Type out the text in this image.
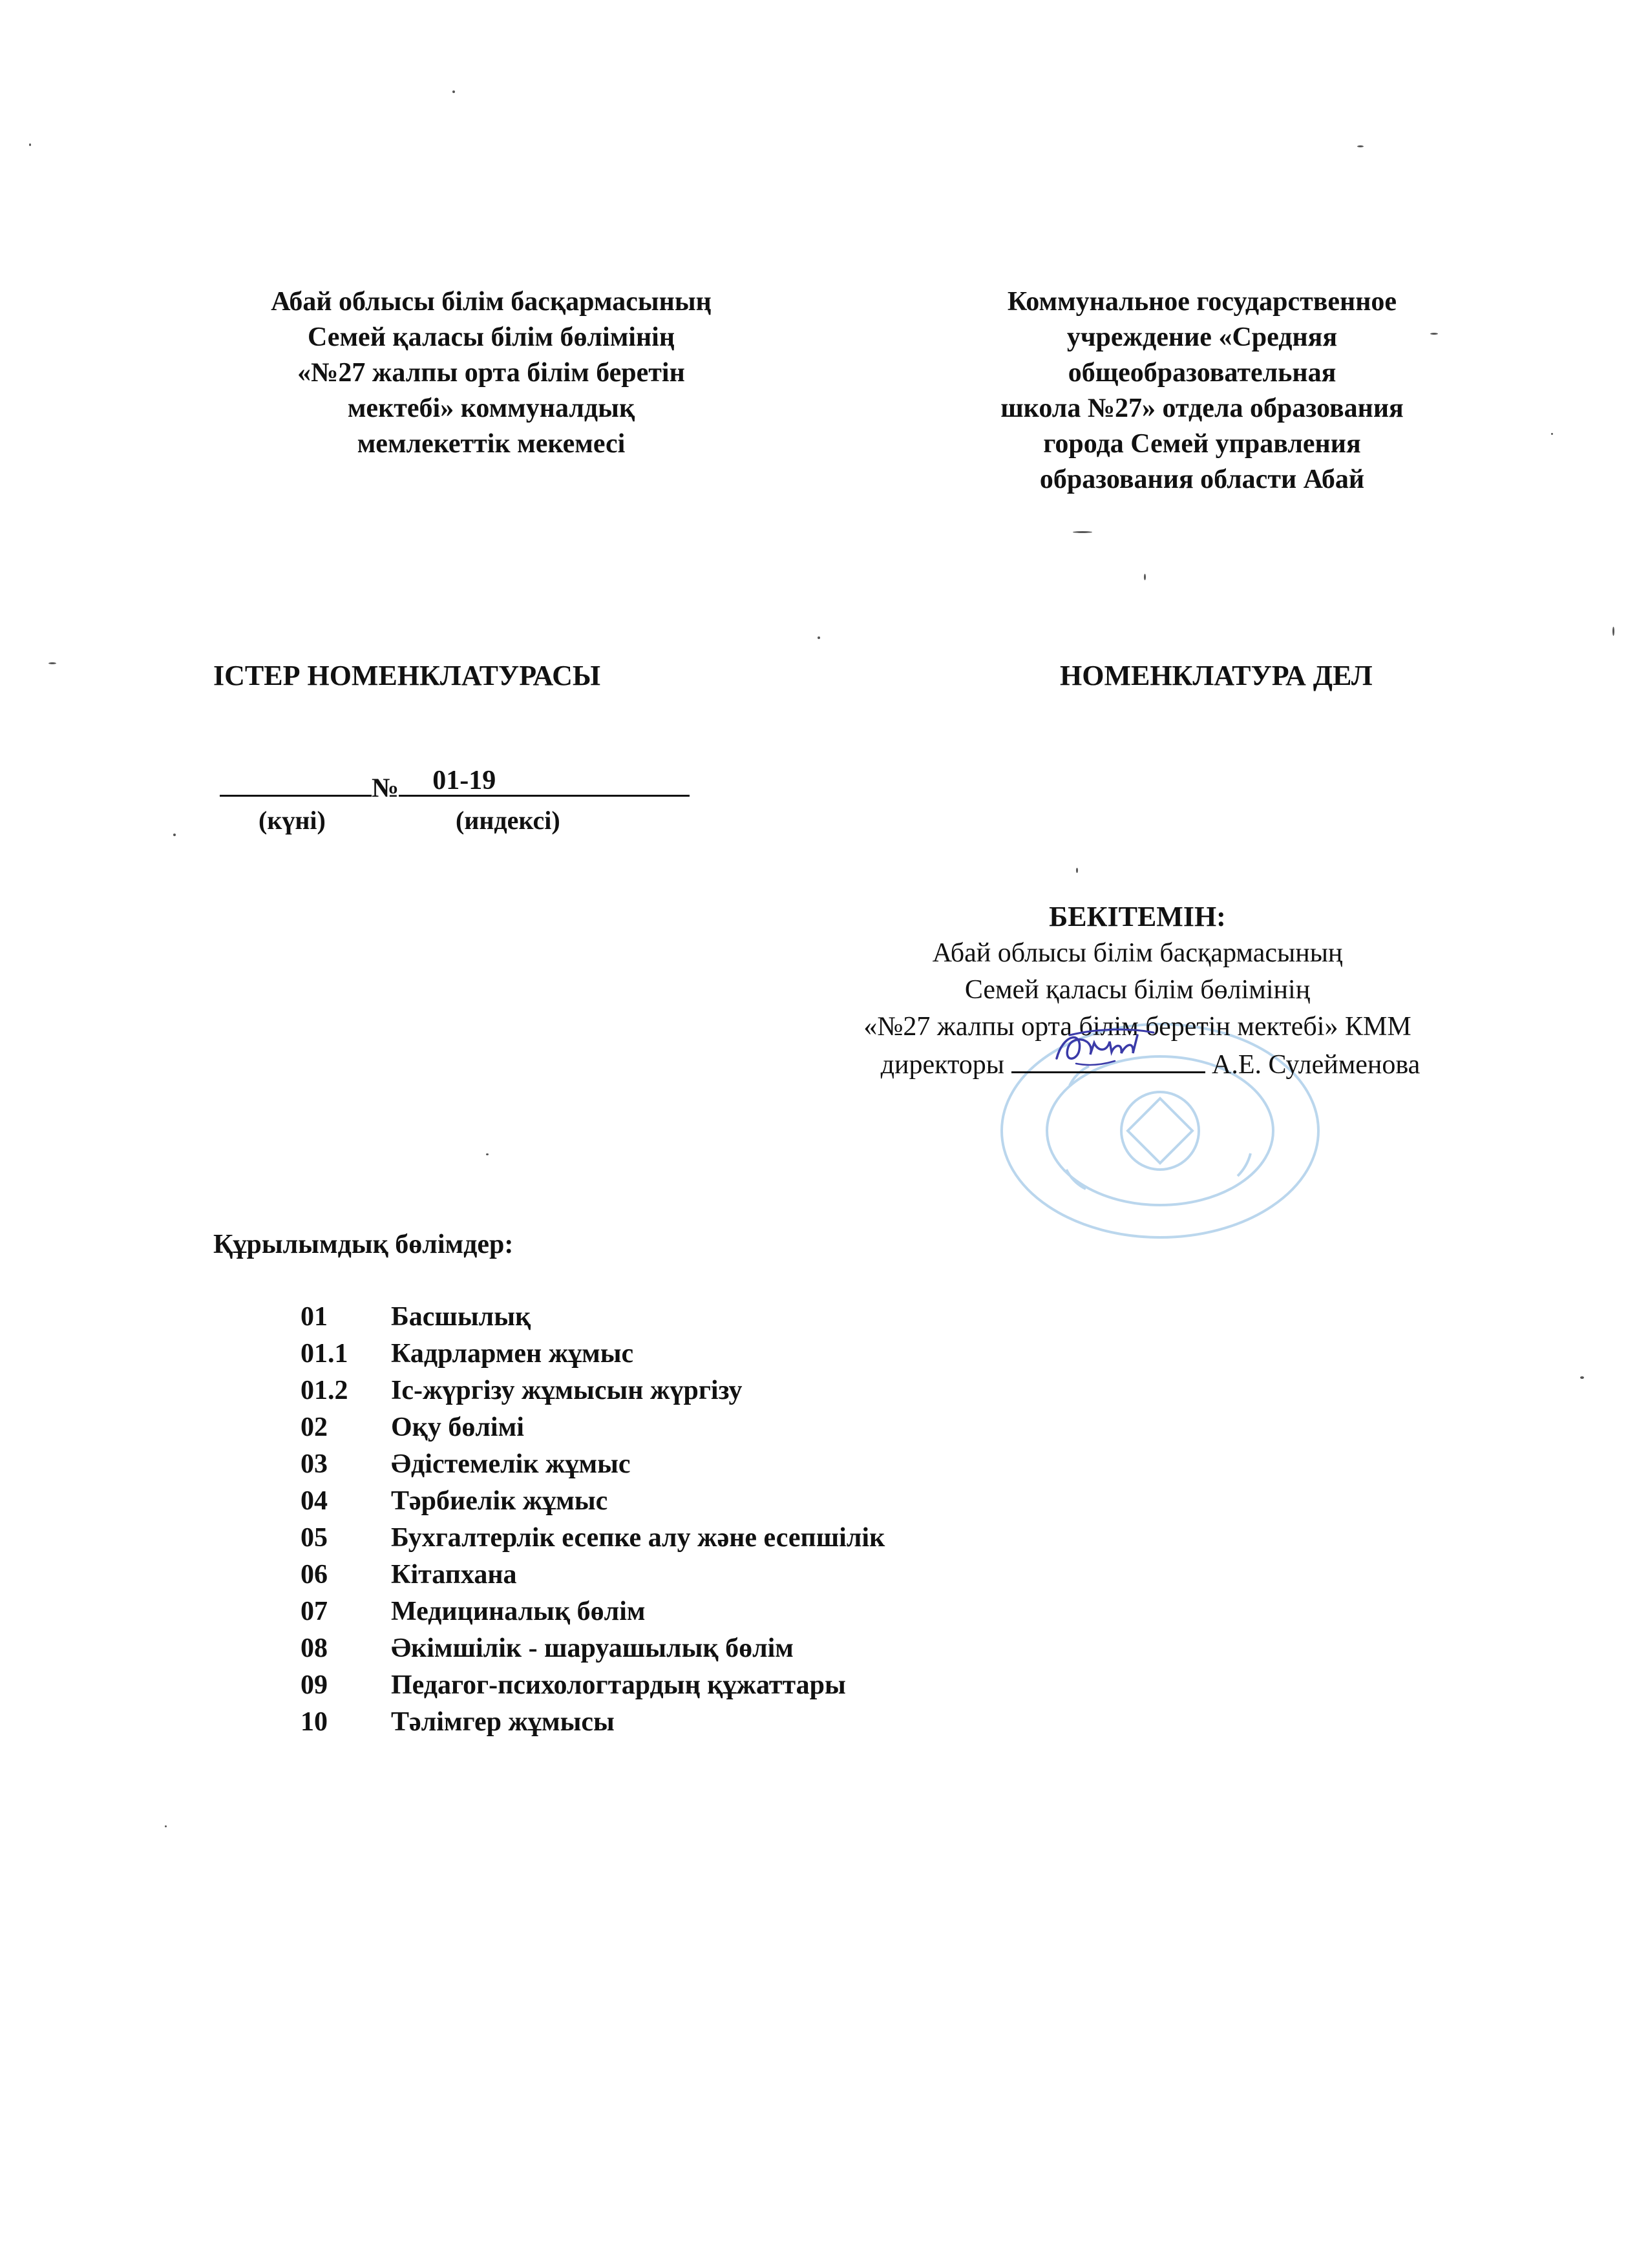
Абай облысы білім басқармасының
Семей қаласы білім бөлімінің
«№27 жалпы орта білім беретін
мектебі» коммуналдық
мемлекеттік мекемесі
Коммунальное государственное
учреждение «Средняя
общеобразовательная
школа №27» отдела образования
города Семей управления
образования области Абай
ІСТЕР НОМЕНКЛАТУРАСЫ	НОМЕНКЛАТУРА ДЕЛ
№ 01-19
(күні)	(индексі)
БЕКІТЕМІН:
Абай облысы білім басқармасының
Семей қаласы білім бөлімінің
«№27 жалпы орта білім беретін мектебі» КММ
директоры	А.Е. Сулейменова
Құрылымдық бөлімдер:
01 Басшылық
01.1 Кадрлармен жұмыс
01.2 Іс-жүргізу жұмысын жүргізу
02 Оқу бөлімі
03 Әдістемелік жұмыс
04 Тәрбиелік жұмыс
05 Бухгалтерлік есепке алу және есепшілік
06 Кітапхана
07 Медициналық бөлім
08 Әкімшілік - шаруашылық бөлім
09 Педагог-психологтардың құжаттары
10 Тәлімгер жұмысы
